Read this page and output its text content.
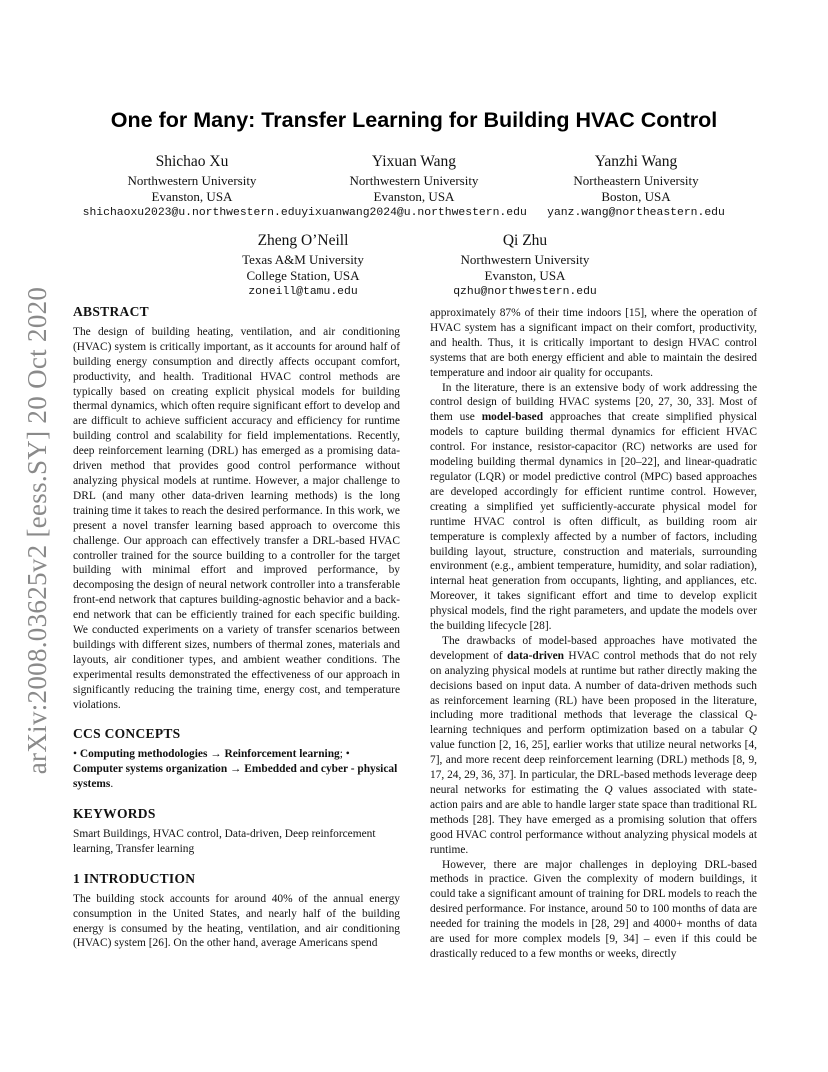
arXiv:2008.03625v2 [eess.SY] 20 Oct 2020
One for Many: Transfer Learning for Building HVAC Control
Shichao Xu
Northwestern University
Evanston, USA
shichaoxu2023@u.northwestern.edu
Yixuan Wang
Northwestern University
Evanston, USA
yixuanwang2024@u.northwestern.edu
Yanzhi Wang
Northeastern University
Boston, USA
yanz.wang@northeastern.edu
Zheng O’Neill
Texas A&M University
College Station, USA
zoneill@tamu.edu
Qi Zhu
Northwestern University
Evanston, USA
qzhu@northwestern.edu
ABSTRACT

The design of building heating, ventilation, and air conditioning (HVAC) system is critically important, as it accounts for around half of building energy consumption and directly affects occupant comfort, productivity, and health. Traditional HVAC control methods are typically based on creating explicit physical models for building thermal dynamics, which often require significant effort to develop and are difficult to achieve sufficient accuracy and efficiency for runtime building control and scalability for field implementations. Recently, deep reinforcement learning (DRL) has emerged as a promising data-driven method that provides good control performance without analyzing physical models at runtime. However, a major challenge to DRL (and many other data-driven learning methods) is the long training time it takes to reach the desired performance. In this work, we present a novel transfer learning based approach to overcome this challenge. Our approach can effectively transfer a DRL-based HVAC controller trained for the source building to a controller for the target building with minimal effort and improved performance, by decomposing the design of neural network controller into a transferable front-end network that captures building-agnostic behavior and a back-end network that can be efficiently trained for each specific building. We conducted experiments on a variety of transfer scenarios between buildings with different sizes, numbers of thermal zones, materials and layouts, air conditioner types, and ambient weather conditions. The experimental results demonstrated the effectiveness of our approach in significantly reducing the training time, energy cost, and temperature violations.

CCS CONCEPTS

• Computing methodologies → Reinforcement learning; • Computer systems organization → Embedded and cyber - physical systems.

KEYWORDS

Smart Buildings, HVAC control, Data-driven, Deep reinforcement learning, Transfer learning

1 INTRODUCTION

The building stock accounts for around 40% of the annual energy consumption in the United States, and nearly half of the building energy is consumed by the heating, ventilation, and air conditioning (HVAC) system [26]. On the other hand, average Americans spend

approximately 87% of their time indoors [15], where the operation of HVAC system has a significant impact on their comfort, productivity, and health. Thus, it is critically important to design HVAC control systems that are both energy efficient and able to maintain the desired temperature and indoor air quality for occupants.

In the literature, there is an extensive body of work addressing the control design of building HVAC systems [20, 27, 30, 33]. Most of them use model-based approaches that create simplified physical models to capture building thermal dynamics for efficient HVAC control. For instance, resistor-capacitor (RC) networks are used for modeling building thermal dynamics in [20–22], and linear-quadratic regulator (LQR) or model predictive control (MPC) based approaches are developed accordingly for efficient runtime control. However, creating a simplified yet sufficiently-accurate physical model for runtime HVAC control is often difficult, as building room air temperature is complexly affected by a number of factors, including building layout, structure, construction and materials, surrounding environment (e.g., ambient temperature, humidity, and solar radiation), internal heat generation from occupants, lighting, and appliances, etc. Moreover, it takes significant effort and time to develop explicit physical models, find the right parameters, and update the models over the building lifecycle [28].

The drawbacks of model-based approaches have motivated the development of data-driven HVAC control methods that do not rely on analyzing physical models at runtime but rather directly making the decisions based on input data. A number of data-driven methods such as reinforcement learning (RL) have been proposed in the literature, including more traditional methods that leverage the classical Q-learning techniques and perform optimization based on a tabular Q value function [2, 16, 25], earlier works that utilize neural networks [4, 7], and more recent deep reinforcement learning (DRL) methods [8, 9, 17, 24, 29, 36, 37]. In particular, the DRL-based methods leverage deep neural networks for estimating the Q values associated with state-action pairs and are able to handle larger state space than traditional RL methods [28]. They have emerged as a promising solution that offers good HVAC control performance without analyzing physical models at runtime.

However, there are major challenges in deploying DRL-based methods in practice. Given the complexity of modern buildings, it could take a significant amount of training for DRL models to reach the desired performance. For instance, around 50 to 100 months of data are needed for training the models in [28, 29] and 4000+ months of data are used for more complex models [9, 34] – even if this could be drastically reduced to a few months or weeks, directly
